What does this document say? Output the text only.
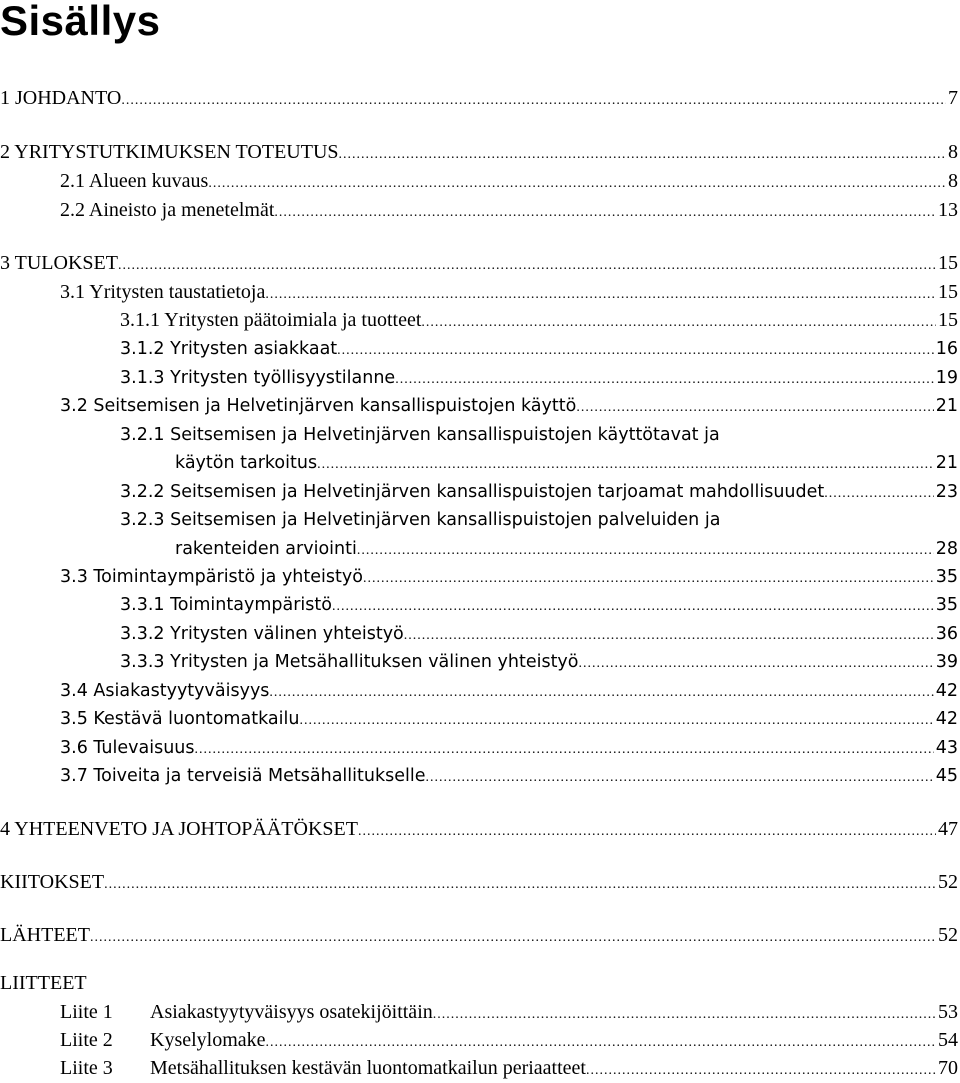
Sisällys
1 JOHDANTO .....	7
2 YRITYSTUTKIMUKSEN TOTEUTUS .....	8
2.1 Alueen kuvaus .....	8
2.2 Aineisto ja menetelmät .....	13
3 TULOKSET .....	15
3.1 Yritysten taustatietoja .....	15
3.1.1 Yritysten päätoimiala ja tuotteet .....	15
3.1.2 Yritysten asiakkaat .....	16
3.1.3 Yritysten työllisyystilanne .....	19
3.2 Seitsemisen ja Helvetinjärven kansallispuistojen käyttö .....	21
3.2.1 Seitsemisen ja Helvetinjärven kansallispuistojen käyttötavat ja
käytön tarkoitus .....	21
3.2.2 Seitsemisen ja Helvetinjärven kansallispuistojen tarjoamat mahdollisuudet .....	23
3.2.3 Seitsemisen ja Helvetinjärven kansallispuistojen palveluiden ja
rakenteiden arviointi .....	28
3.3 Toimintaympäristö ja yhteistyö .....	35
3.3.1 Toimintaympäristö .....	35
3.3.2 Yritysten välinen yhteistyö .....	36
3.3.3 Yritysten ja Metsähallituksen välinen yhteistyö .....	39
3.4 Asiakastyytyväisyys .....	42
3.5 Kestävä luontomatkailu .....	42
3.6 Tulevaisuus .....	43
3.7 Toiveita ja terveisiä Metsähallitukselle .....	45
4 YHTEENVETO JA JOHTOPÄÄTÖKSET .....	47
KIITOKSET .....	52
LÄHTEET .....	52
LIITTEET
Liite 1	Asiakastyytyväisyys osatekijöittäin .....	53
Liite 2	Kyselylomake .....	54
Liite 3	Metsähallituksen kestävän luontomatkailun periaatteet .....	70
